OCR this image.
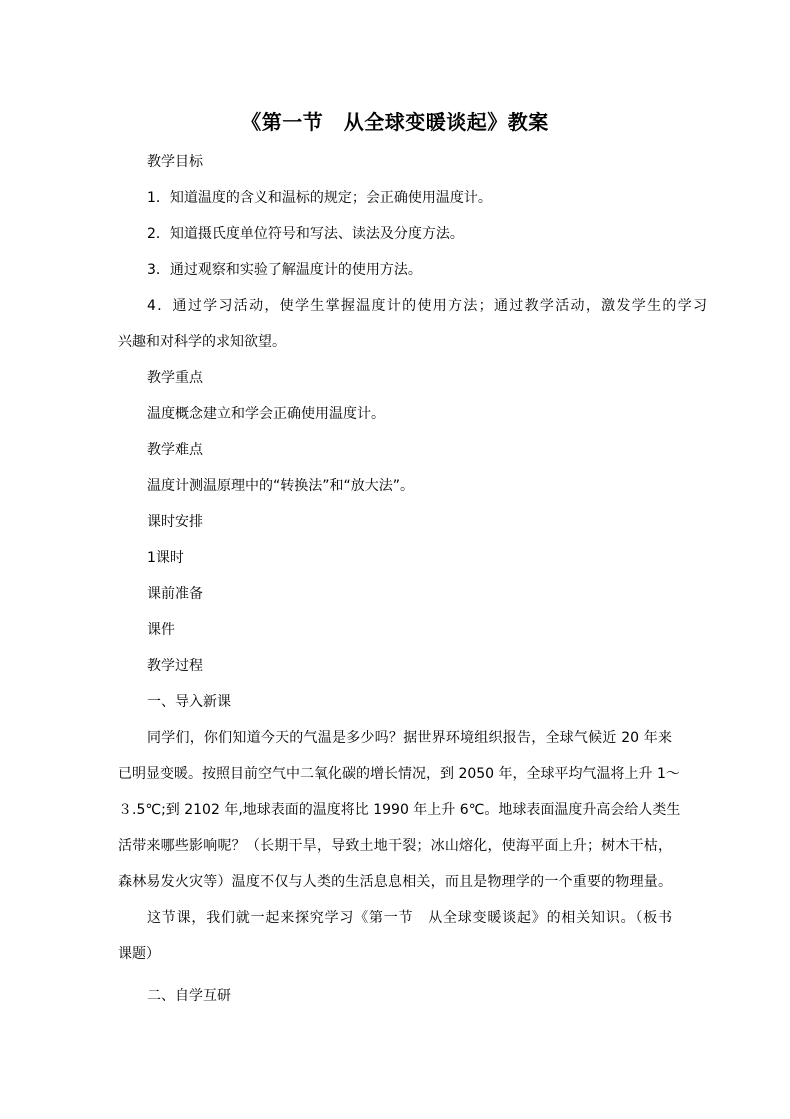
《第一节　从全球变暖谈起》教案
教学目标
1．知道温度的含义和温标的规定；会正确使用温度计。
2．知道摄氏度单位符号和写法、读法及分度方法。
3．通过观察和实验了解温度计的使用方法。
4．通过学习活动，使学生掌握温度计的使用方法；通过教学活动，激发学生的学习
兴趣和对科学的求知欲望。
教学重点
温度概念建立和学会正确使用温度计。
教学难点
温度计测温原理中的“转换法”和“放大法”。
课时安排
1课时
课前准备
课件
教学过程
一、导入新课
同学们，你们知道今天的气温是多少吗？据世界环境组织报告，全球气候近 20 年来
已明显变暖。按照目前空气中二氧化碳的增长情况，到 2050 年，全球平均气温将上升 1～
３.5℃;到 2102 年,地球表面的温度将比 1990 年上升 6℃。地球表面温度升高会给人类生
活带来哪些影响呢？（长期干旱，导致土地干裂；冰山熔化，使海平面上升；树木干枯，
森林易发火灾等）温度不仅与人类的生活息息相关，而且是物理学的一个重要的物理量。
这节课，我们就一起来探究学习《第一节　从全球变暖谈起》的相关知识。（板书
课题）
二、自学互研
